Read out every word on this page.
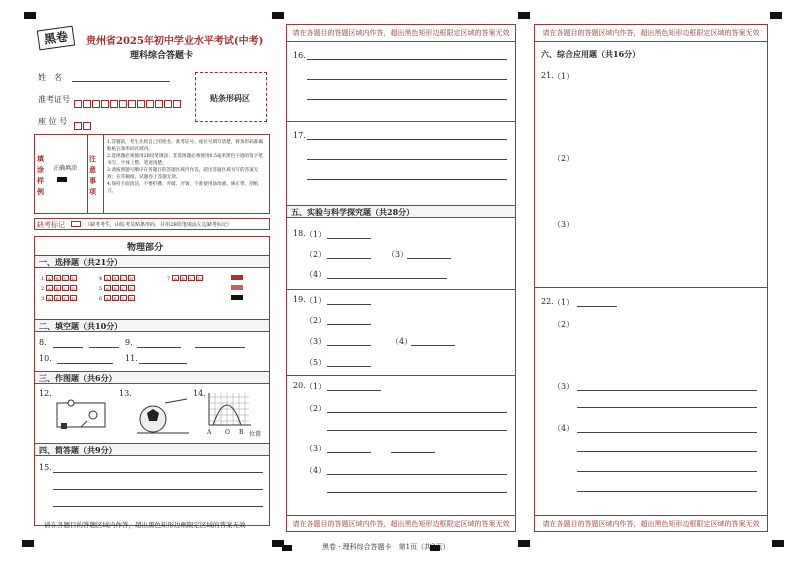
黑卷	贵州省2025年初中学业水平考试(中考)
理科综合答题卡
姓　名
准考证号
座 位 号
贴条形码区
填涂样例
正确填涂
注意事项
1.答题前，考生先将自己的姓名、准考证号、座位号填写清楚，将条形码准确粘贴在条形码区域内。
2.选择题必须使用2B铅笔填涂；非选择题必须使用0.5毫米黑色字迹的签字笔书写，字体工整、笔迹清楚。
3.请按照题号顺序在各题目的答题区域内作答，超出答题区域书写的答案无效；在草稿纸、试题卷上答题无效。
4.保持卡面清洁，不要折叠、弄破、弄皱，不准使用涂改液、修正带、刮纸刀。
缺考标记	（缺考考生，由监考员贴条形码，并用2B铅笔填涂左边缺考标记）
物理部分
一、选择题（共21分）
1 A B C D
2 A B C D
3 A B C D
4 A B C D
5 A B C D
6 A B C D
7 A B C D
二、填空题（共10分）
8.	9.
10.	11.
三、作图题（共6分）
12.	13.	14.
A O B 位置
四、简答题（共9分）
15.
请在各题目的答题区域内作答，超出黑色矩形边框限定区域的答案无效
请在各题目的答题区域内作答，超出黑色矩形边框限定区域的答案无效
16.
17.
五、实验与科学探究题（共28分）
18. （1）
（2）	（3）
（4）
19. （1）
（2）
（3）	（4）
（5）
20. （1）
（2）
（3）
（4）
请在各题目的答题区域内作答，超出黑色矩形边框限定区域的答案无效
请在各题目的答题区域内作答，超出黑色矩形边框限定区域的答案无效
六、综合应用题（共16分）
21. （1）
（2）
（3）
22. （1）
（2）
（3）
（4）
请在各题目的答题区域内作答，超出黑色矩形边框限定区域的答案无效
黑卷 · 理科综合答题卡　第1页（共2页）
